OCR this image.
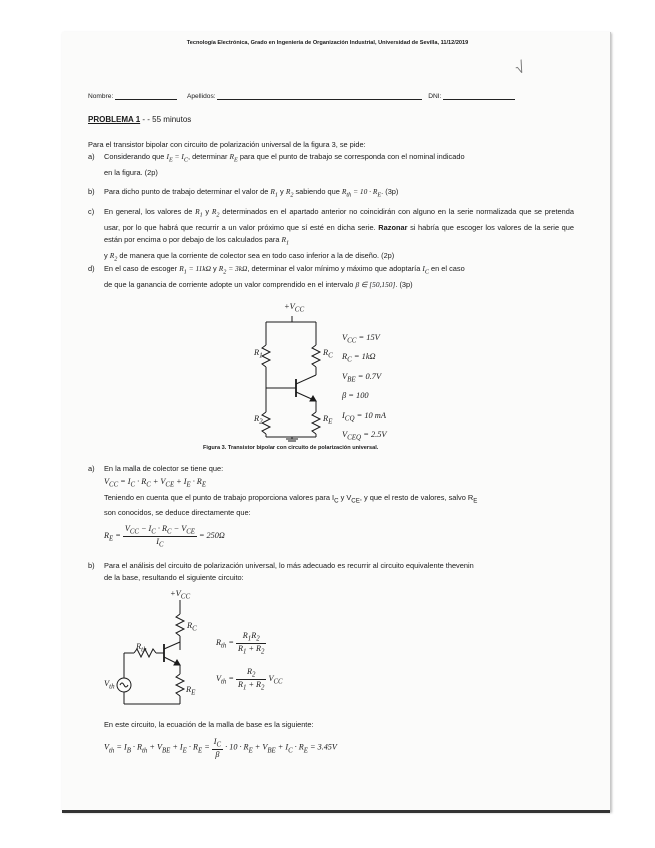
√
Tecnología Electrónica, Grado en Ingeniería de Organización Industrial, Universidad de Sevilla, 11/12/2019
Nombre:	Apellidos:	DNI:
PROBLEMA 1 - - 55 minutos
Para el transistor bipolar con circuito de polarización universal de la figura 3, se pide:
a) Considerando que $I_E = I_C$, determinar $R_E$ para que el punto de trabajo se corresponda con el nominal indicado
en la figura. (2p)
b) Para dicho punto de trabajo determinar el valor de $R_1$ y $R_2$ sabiendo que $R_{th} = 10 \cdot R_E$. (3p)
c) En general, los valores de $R_1$ y $R_2$ determinados en el apartado anterior no coincidirán con alguno en la serie normalizada que se pretenda usar, por lo que habrá que recurrir a un valor próximo que sí esté en dicha serie. Razonar si habría que escoger los valores de la serie que están por encima o por debajo de los calculados para $R_1$
y $R_2$ de manera que la corriente de colector sea en todo caso inferior a la de diseño. (2p)
d) En el caso de escoger $R_1 = 11k\Omega$ y $R_2 = 3k\Omega$, determinar el valor mínimo y máximo que adoptaría $I_C$ en el caso
de que la ganancia de corriente adopte un valor comprendido en el intervalo β ∈ [50,150]. (3p)
$+V_{CC}$
$R_1$
$R_2$
$R_C$
$R_E$
$V_{CC} = 15V$
$R_C = 1k\Omega$
$V_{BE} = 0.7V$
β = 100
$I_{CQ} = 10$ mA
$V_{CEQ} = 2.5V$
Figura 3. Transistor bipolar con circuito de polarización universal.
a) En la malla de colector se tiene que:
$V_{CC} = I_C \cdot R_C + V_{CE} + I_E \cdot R_E$
Teniendo en cuenta que el punto de trabajo proporciona valores para $I_C$ y $V_{CE}$, y que el resto de valores, salvo $R_E$
son conocidos, se deduce directamente que:
$R_E = \frac{V_{CC} - I_C \cdot R_C - V_{CE}}{I_C} = 250\Omega$
b) Para el análisis del circuito de polarización universal, lo más adecuado es recurrir al circuito equivalente thevenin
de la base, resultando el siguiente circuito:
$+V_{CC}$
$R_C$
$R_{th}$
$V_{th}$	$R_E$
$R_{th} = \frac{R_1R_2}{R_1 + R_2}$
$V_{th} = \frac{R_2}{R_1 + R_2} V_{CC}$
En este circuito, la ecuación de la malla de base es la siguiente:
$V_{th} = I_B \cdot R_{th} + V_{BE} + I_E \cdot R_E = \frac{I_C}{\beta} \cdot 10 \cdot R_E + V_{BE} + I_C \cdot R_E = 3.45V$
